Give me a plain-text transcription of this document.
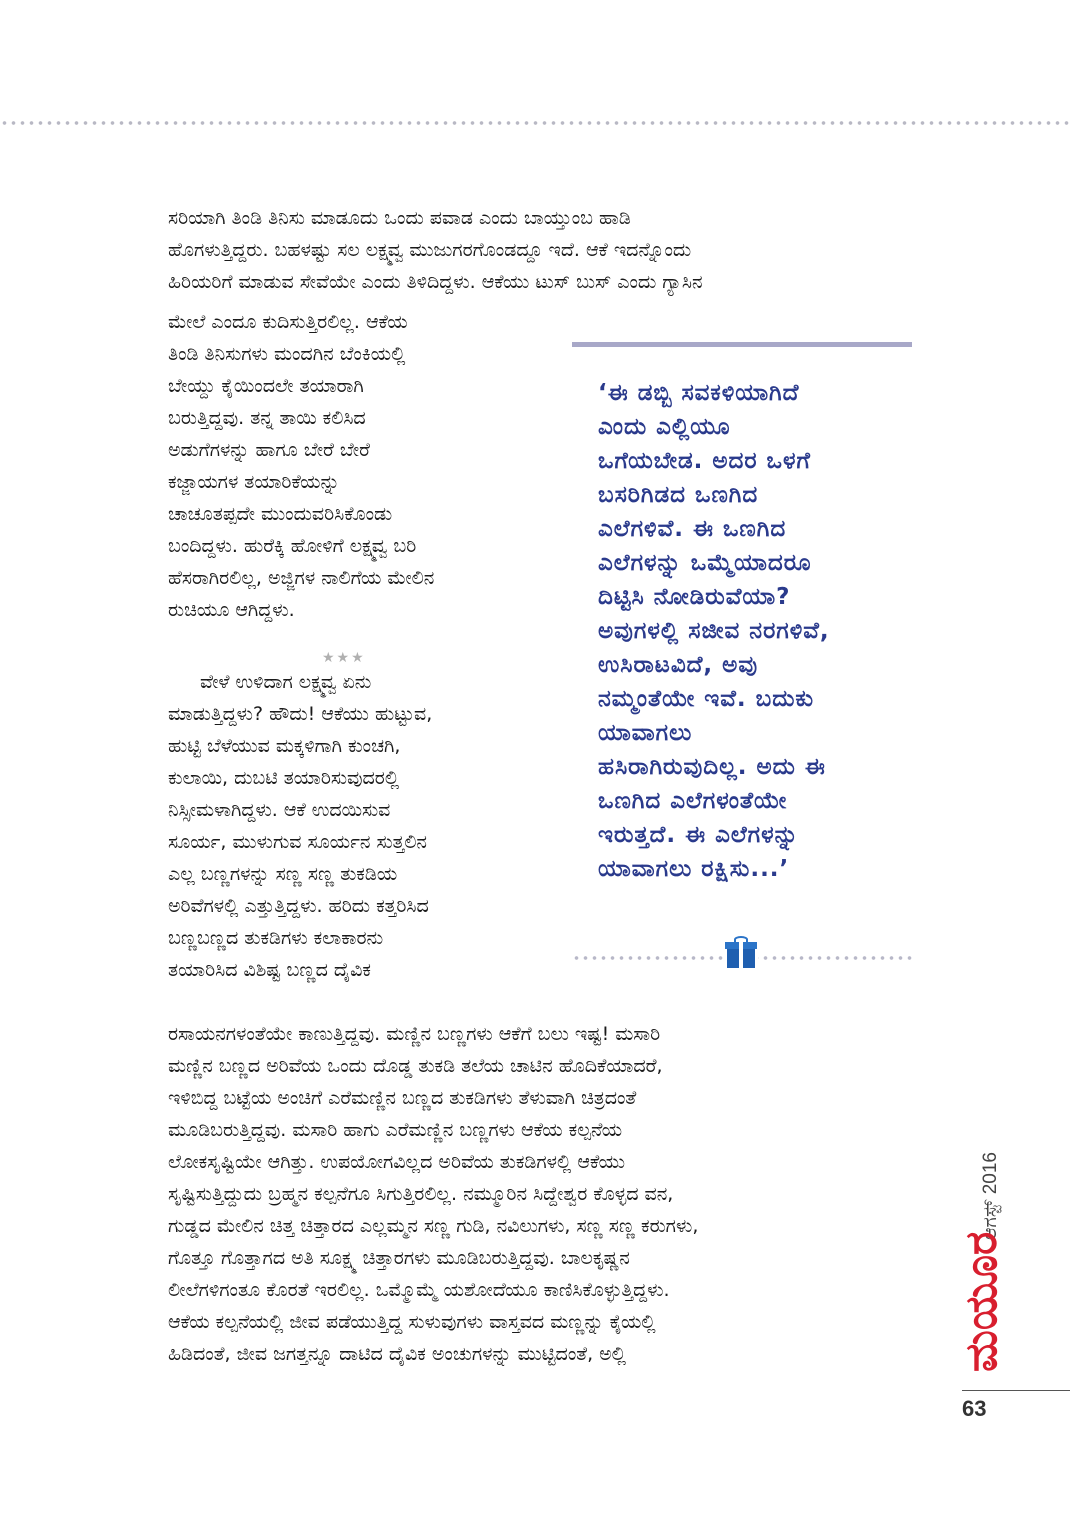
ಸರಿಯಾಗಿ ತಿಂಡಿ ತಿನಿಸು ಮಾಡೂದು ಒಂದು ಪವಾಡ ಎಂದು ಬಾಯ್ತುಂಬ ಹಾಡಿ
ಹೊಗಳುತ್ತಿದ್ದರು. ಬಹಳಷ್ಟು ಸಲ ಲಕ್ಷ್ಮವ್ವ ಮುಜುಗರಗೊಂಡದ್ದೂ ಇದೆ. ಆಕೆ ಇದನ್ನೊಂದು
ಹಿರಿಯರಿಗೆ ಮಾಡುವ ಸೇವೆಯೇ ಎಂದು ತಿಳಿದಿದ್ದಳು. ಆಕೆಯು ಟುಸ್ ಬುಸ್ ಎಂದು ಗ್ಯಾಸಿನ
ಮೇಲೆ ಎಂದೂ ಕುದಿಸುತ್ತಿರಲಿಲ್ಲ. ಆಕೆಯ
ತಿಂಡಿ ತಿನಿಸುಗಳು ಮಂದಗಿನ ಬೆಂಕಿಯಲ್ಲಿ
ಬೇಯ್ದು ಕೈಯಿಂದಲೇ ತಯಾರಾಗಿ
ಬರುತ್ತಿದ್ದವು. ತನ್ನ ತಾಯಿ ಕಲಿಸಿದ
ಅಡುಗೆಗಳನ್ನು ಹಾಗೂ ಬೇರೆ ಬೇರೆ
ಕಜ್ಜಾಯಗಳ ತಯಾರಿಕೆಯನ್ನು
ಚಾಚೂತಪ್ಪದೇ ಮುಂದುವರಿಸಿಕೊಂಡು
ಬಂದಿದ್ದಳು. ಹುರೆಕ್ಕಿ ಹೋಳಿಗೆ ಲಕ್ಷ್ಮವ್ವ ಬರಿ
ಹೆಸರಾಗಿರಲಿಲ್ಲ, ಅಜ್ಜಿಗಳ ನಾಲಿಗೆಯ ಮೇಲಿನ
ರುಚಿಯೂ ಆಗಿದ್ದಳು.
ವೇಳೆ ಉಳಿದಾಗ ಲಕ್ಷ್ಮವ್ವ ಏನು
ಮಾಡುತ್ತಿದ್ದಳು? ಹೌದು! ಆಕೆಯು ಹುಟ್ಟುವ,
ಹುಟ್ಟಿ ಬೆಳೆಯುವ ಮಕ್ಕಳಿಗಾಗಿ ಕುಂಚಗಿ,
ಕುಲಾಯಿ, ದುಬಟಿ ತಯಾರಿಸುವುದರಲ್ಲಿ
ನಿಸ್ಸೀಮಳಾಗಿದ್ದಳು. ಆಕೆ ಉದಯಿಸುವ
ಸೂರ್ಯ, ಮುಳುಗುವ ಸೂರ್ಯನ ಸುತ್ತಲಿನ
ಎಲ್ಲ ಬಣ್ಣಗಳನ್ನು ಸಣ್ಣ ಸಣ್ಣ ತುಕಡಿಯ
ಅರಿವೆಗಳಲ್ಲಿ ಎತ್ತುತ್ತಿದ್ದಳು. ಹರಿದು ಕತ್ತರಿಸಿದ
ಬಣ್ಣಬಣ್ಣದ ತುಕಡಿಗಳು ಕಲಾಕಾರನು
ತಯಾರಿಸಿದ ವಿಶಿಷ್ಟ ಬಣ್ಣದ ದೈವಿಕ
★★★
‘ಈ ಡಬ್ಬಿ ಸವಕಳಿಯಾಗಿದೆ
ಎಂದು ಎಲ್ಲಿಯೂ
ಒಗೆಯಬೇಡ. ಅದರ ಒಳಗೆ
ಬಸರಿಗಿಡದ ಒಣಗಿದ
ಎಲೆಗಳಿವೆ. ಈ ಒಣಗಿದ
ಎಲೆಗಳನ್ನು ಒಮ್ಮೆಯಾದರೂ
ದಿಟ್ಟಿಸಿ ನೋಡಿರುವೆಯಾ?
ಅವುಗಳಲ್ಲಿ ಸಜೀವ ನರಗಳಿವೆ,
ಉಸಿರಾಟವಿದೆ, ಅವು
ನಮ್ಮಂತೆಯೇ ಇವೆ. ಬದುಕು
ಯಾವಾಗಲು
ಹಸಿರಾಗಿರುವುದಿಲ್ಲ. ಅದು ಈ
ಒಣಗಿದ ಎಲೆಗಳಂತೆಯೇ
ಇರುತ್ತದೆ. ಈ ಎಲೆಗಳನ್ನು
ಯಾವಾಗಲು ರಕ್ಷಿಸು...’
ರಸಾಯನಗಳಂತೆಯೇ ಕಾಣುತ್ತಿದ್ದವು. ಮಣ್ಣಿನ ಬಣ್ಣಗಳು ಆಕೆಗೆ ಬಲು ಇಷ್ಟ! ಮಸಾರಿ
ಮಣ್ಣಿನ ಬಣ್ಣದ ಅರಿವೆಯ ಒಂದು ದೊಡ್ಡ ತುಕಡಿ ತಲೆಯ ಚಾಟಿನ ಹೊದಿಕೆಯಾದರೆ,
ಇಳಿಬಿದ್ದ ಬಟ್ಟೆಯ ಅಂಚಿಗೆ ಎರೆಮಣ್ಣಿನ ಬಣ್ಣದ ತುಕಡಿಗಳು ತೆಳುವಾಗಿ ಚಿತ್ರದಂತೆ
ಮೂಡಿಬರುತ್ತಿದ್ದವು. ಮಸಾರಿ ಹಾಗು ಎರೆಮಣ್ಣಿನ ಬಣ್ಣಗಳು ಆಕೆಯ ಕಲ್ಪನೆಯ
ಲೋಕಸೃಷ್ಟಿಯೇ ಆಗಿತ್ತು. ಉಪಯೋಗವಿಲ್ಲದ ಅರಿವೆಯ ತುಕಡಿಗಳಲ್ಲಿ ಆಕೆಯು
ಸೃಷ್ಟಿಸುತ್ತಿದ್ದುದು ಬ್ರಹ್ಮನ ಕಲ್ಪನೆಗೂ ಸಿಗುತ್ತಿರಲಿಲ್ಲ. ನಮ್ಮೂರಿನ ಸಿದ್ದೇಶ್ವರ ಕೊಳ್ಳದ ವನ,
ಗುಡ್ಡದ ಮೇಲಿನ ಚಿತ್ತ ಚಿತ್ತಾರದ ಎಲ್ಲಮ್ಮನ ಸಣ್ಣ ಗುಡಿ, ನವಿಲುಗಳು, ಸಣ್ಣ ಸಣ್ಣ ಕರುಗಳು,
ಗೊತ್ತೂ ಗೊತ್ತಾಗದ ಅತಿ ಸೂಕ್ಷ್ಮ ಚಿತ್ತಾರಗಳು ಮೂಡಿಬರುತ್ತಿದ್ದವು. ಬಾಲಕೃಷ್ಣನ
ಲೀಲೆಗಳಿಗಂತೂ ಕೊರತೆ ಇರಲಿಲ್ಲ. ಒಮ್ಮೊಮ್ಮೆ ಯಶೋದೆಯೂ ಕಾಣಿಸಿಕೊಳ್ಳುತ್ತಿದ್ದಳು.
ಆಕೆಯ ಕಲ್ಪನೆಯಲ್ಲಿ ಜೀವ ಪಡೆಯುತ್ತಿದ್ದ ಸುಳುವುಗಳು ವಾಸ್ತವದ ಮಣ್ಣನ್ನು ಕೈಯಲ್ಲಿ
ಹಿಡಿದಂತೆ, ಜೀವ ಜಗತ್ತನ್ನೂ ದಾಟಿದ ದೈವಿಕ ಅಂಚುಗಳನ್ನು ಮುಟ್ಟಿದಂತೆ, ಅಲ್ಲಿ
ಆಗಸ್ಟ್ 2016
ಮಯೂರ
63
